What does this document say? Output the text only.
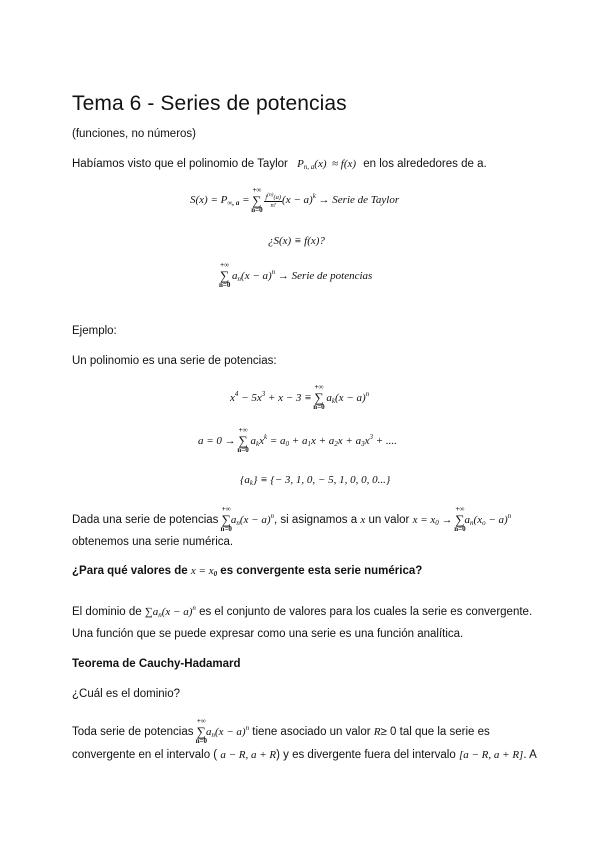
Tema 6 - Series de potencias
(funciones, no números)
Habíamos visto que el polinomio de Taylor $P_{n, a}(x) \approx f(x)$ en los alrededores de a.
$S(x) = P_{\infty, a}$ =
+∞
∑
n=0

$\frac{f^{(n)}(a)}{n!} (x - a)^k$ → Serie de Taylor
¿S(x) ≡ f(x)?
+∞
∑
n=0
$a_n(x - a)^n$ → Serie de potencias
Ejemplo:
Un polinomio es una serie de potencias:
$x^4 - 5x^3 + x - 3$ ≡
+∞
∑
n=0
$a_k(x - a)^n$
a = 0 →
+∞
∑
n=0
$a_kx^k = a_0 + a_1x + a_2x + a_3x^3$ + ....
$\{a_k\}$ ≡ {− 3, 1, 0, − 5, 1, 0, 0, 0...}
Dada una serie de potencias
+∞
∑
n=0
$a_n(x - a)^n$, si asignamos a x un valor $x = x_0$ →
+∞
∑
n=0
$a_n(x_o - a)^n$
obtenemos una serie numérica.
¿Para qué valores de $x = x_0$ es convergente esta serie numérica?
El dominio de $\sum a_n(x - a)^n$ es el conjunto de valores para los cuales la serie es convergente.
Una función que se puede expresar como una serie es una función analítica.
Teorema de Cauchy-Hadamard
¿Cuál es el dominio?
Toda serie de potencias
+∞
∑
n=0
$a_n(x - a)^n$ tiene asociado un valor R≥ 0 tal que la serie es
convergente en el intervalo ( a − R, a + R) y es divergente fuera del intervalo [a − R, a + R]. A
